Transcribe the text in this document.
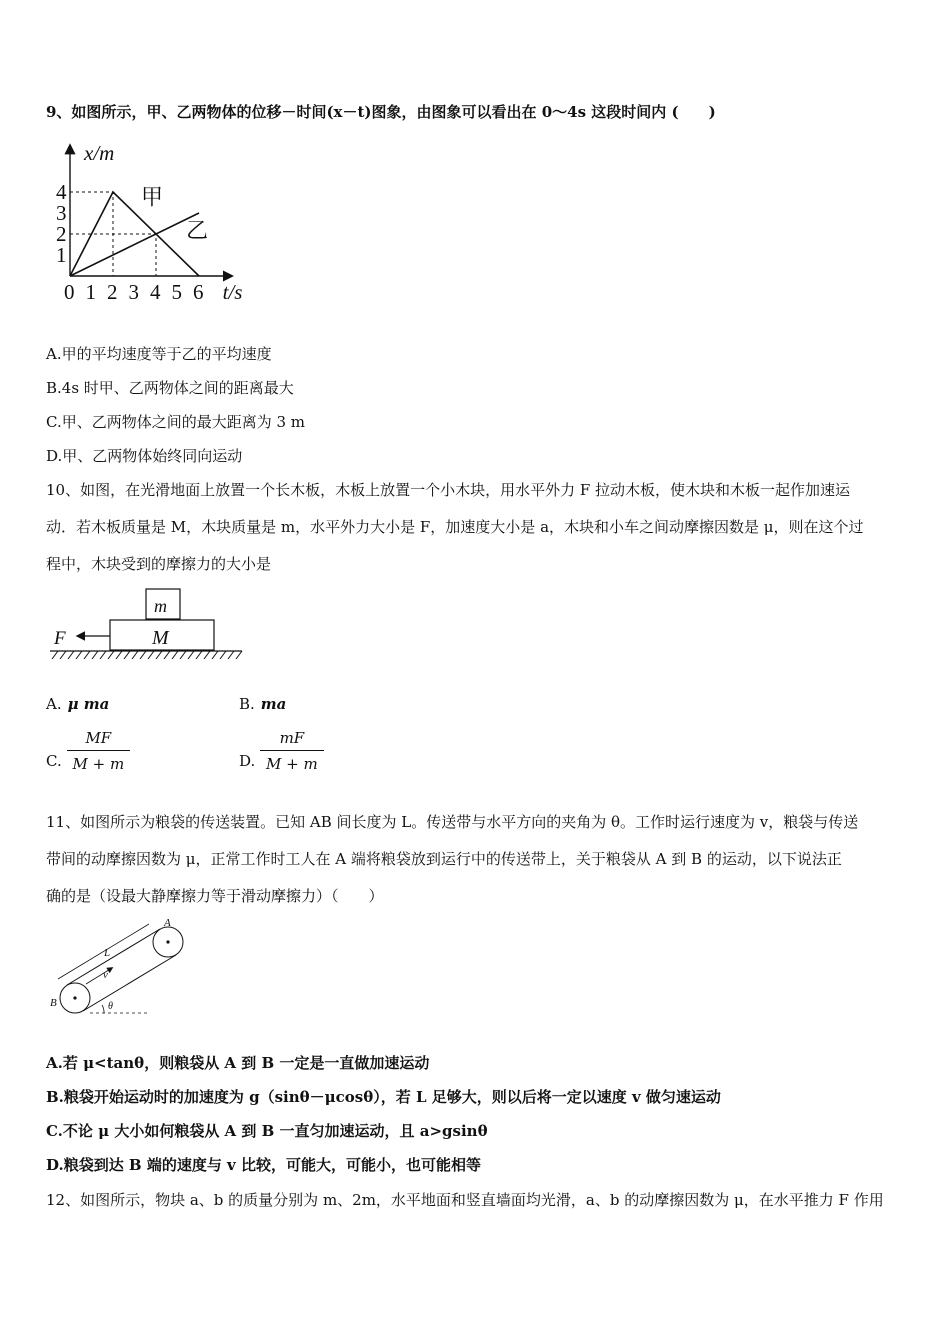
9、如图所示，甲、乙两物体的位移－时间(x－t)图象，由图象可以看出在 0～4s 这段时间内 (　　)
x/m
t/s
0 1 2 3 4 5 6
1
2
3
4	甲
乙
A.甲的平均速度等于乙的平均速度
B.4s 时甲、乙两物体之间的距离最大
C.甲、乙两物体之间的最大距离为 3 m
D.甲、乙两物体始终同向运动
10、如图，在光滑地面上放置一个长木板，木板上放置一个小木块，用水平外力 F 拉动木板，使木块和木板一起作加速运
动．若木板质量是 M，木块质量是 m，水平外力大小是 F，加速度大小是 a，木块和小车之间动摩擦因数是 μ，则在这个过
程中，木块受到的摩擦力的大小是
m
M
F
A. μ ma	B. ma
C. $\frac{MF}{M + m}$	D. $\frac{mF}{M + m}$
11、如图所示为粮袋的传送装置。已知 AB 间长度为 L。传送带与水平方向的夹角为 θ。工作时运行速度为 v，粮袋与传送
带间的动摩擦因数为 μ，正常工作时工人在 A 端将粮袋放到运行中的传送带上，关于粮袋从 A 到 B 的运动，以下说法正
确的是（设最大静摩擦力等于滑动摩擦力）（　　）
A
B
L
v
θ
A.若 μ<tanθ，则粮袋从 A 到 B 一定是一直做加速运动
B.粮袋开始运动时的加速度为 g（sinθ－μcosθ），若 L 足够大，则以后将一定以速度 v 做匀速运动
C.不论 μ 大小如何粮袋从 A 到 B 一直匀加速运动，且 a>gsinθ
D.粮袋到达 B 端的速度与 v 比较，可能大，可能小，也可能相等
12、如图所示，物块 a、b 的质量分别为 m、2m，水平地面和竖直墙面均光滑，a、b 的动摩擦因数为 μ，在水平推力 F 作用
